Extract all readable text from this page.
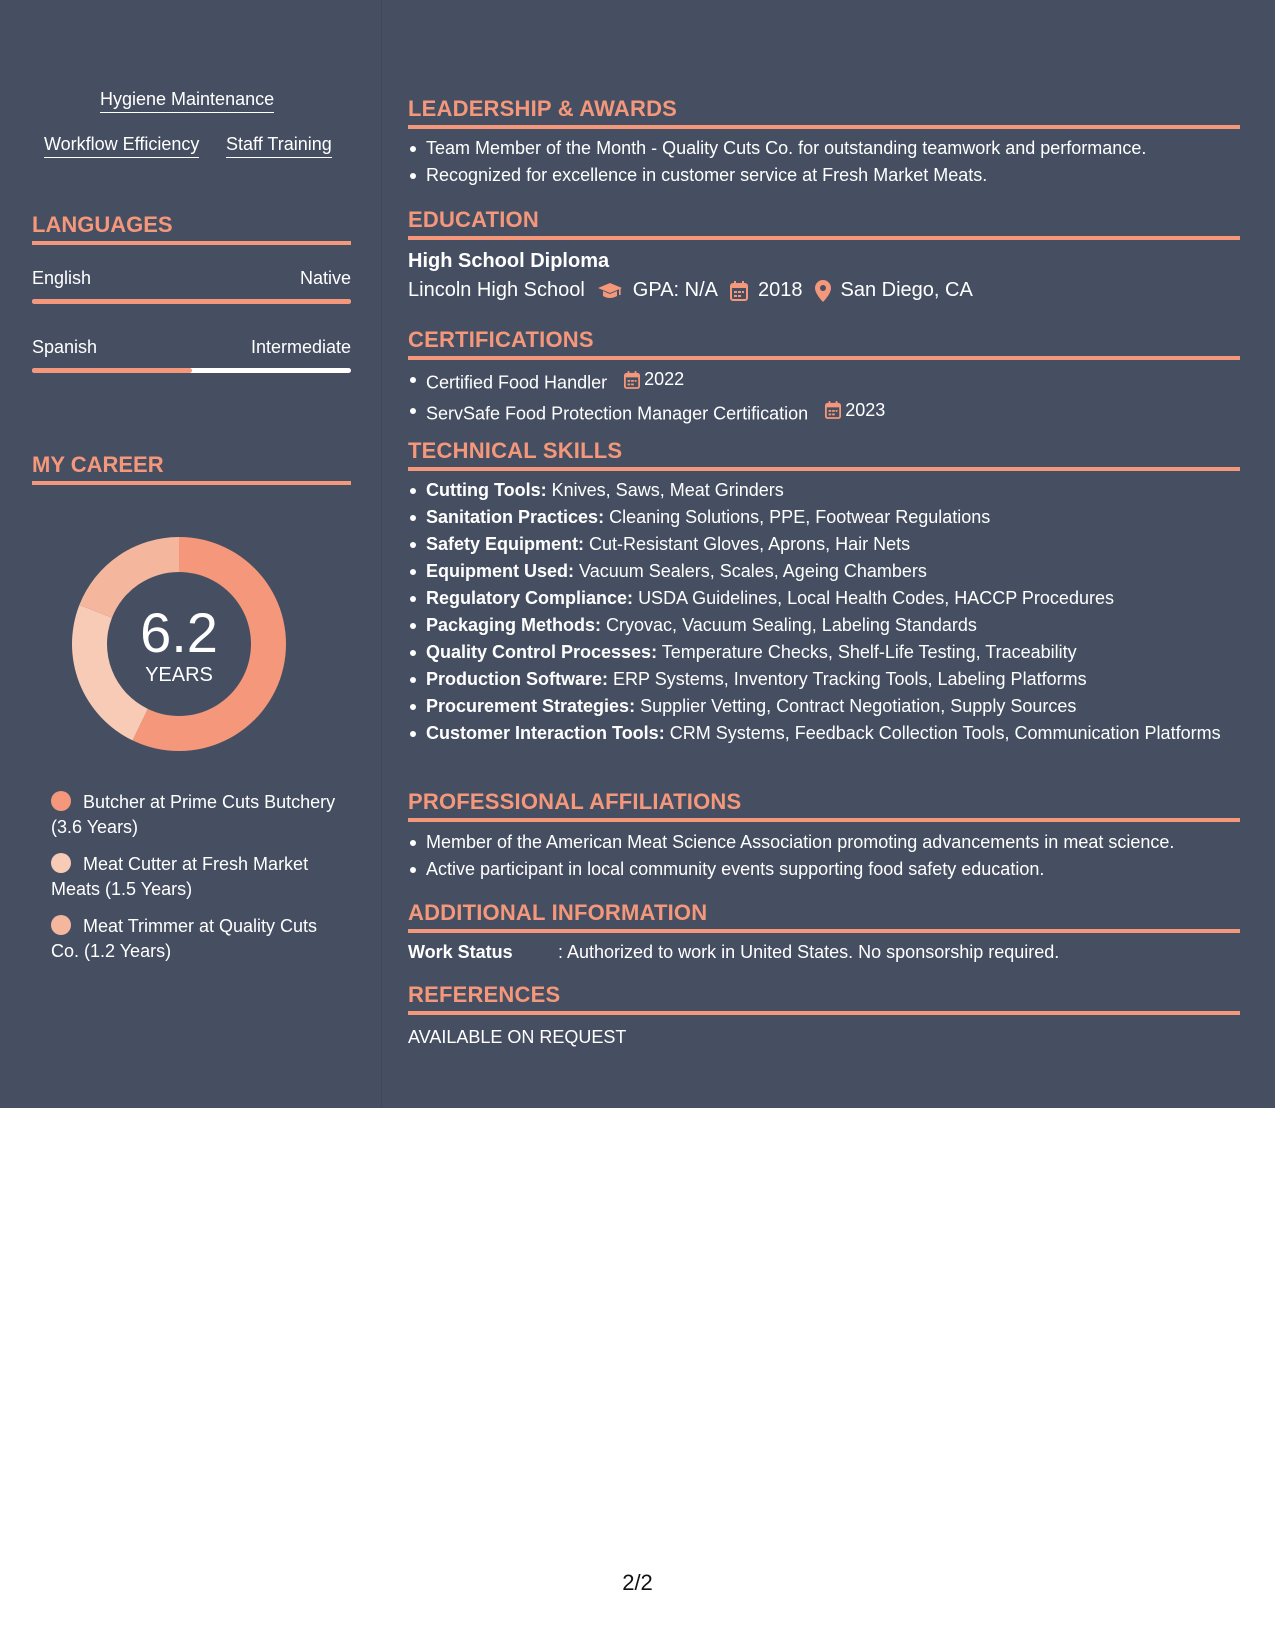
Hygiene Maintenance
Workflow Efficiency Staff Training
LANGUAGES
English	Native
Spanish	Intermediate
MY CAREER
6.2
YEARS
Butcher at Prime Cuts Butchery (3.6 Years)
Meat Cutter at Fresh Market Meats (1.5 Years)
Meat Trimmer at Quality Cuts Co. (1.2 Years)
LEADERSHIP & AWARDS
Team Member of the Month - Quality Cuts Co. for outstanding teamwork and performance.
Recognized for excellence in customer service at Fresh Market Meats.
EDUCATION
High School Diploma
Lincoln High School GPA: N/A 2018 San Diego, CA
CERTIFICATIONS
Certified Food Handler 2022
ServSafe Food Protection Manager Certification 2023
TECHNICAL SKILLS
Cutting Tools: Knives, Saws, Meat Grinders
Sanitation Practices: Cleaning Solutions, PPE, Footwear Regulations
Safety Equipment: Cut-Resistant Gloves, Aprons, Hair Nets
Equipment Used: Vacuum Sealers, Scales, Ageing Chambers
Regulatory Compliance: USDA Guidelines, Local Health Codes, HACCP Procedures
Packaging Methods: Cryovac, Vacuum Sealing, Labeling Standards
Quality Control Processes: Temperature Checks, Shelf-Life Testing, Traceability
Production Software: ERP Systems, Inventory Tracking Tools, Labeling Platforms
Procurement Strategies: Supplier Vetting, Contract Negotiation, Supply Sources
Customer Interaction Tools: CRM Systems, Feedback Collection Tools, Communication Platforms
PROFESSIONAL AFFILIATIONS
Member of the American Meat Science Association promoting advancements in meat science.
Active participant in local community events supporting food safety education.
ADDITIONAL INFORMATION
Work Status	: Authorized to work in United States. No sponsorship required.
REFERENCES
AVAILABLE ON REQUEST
2/2
